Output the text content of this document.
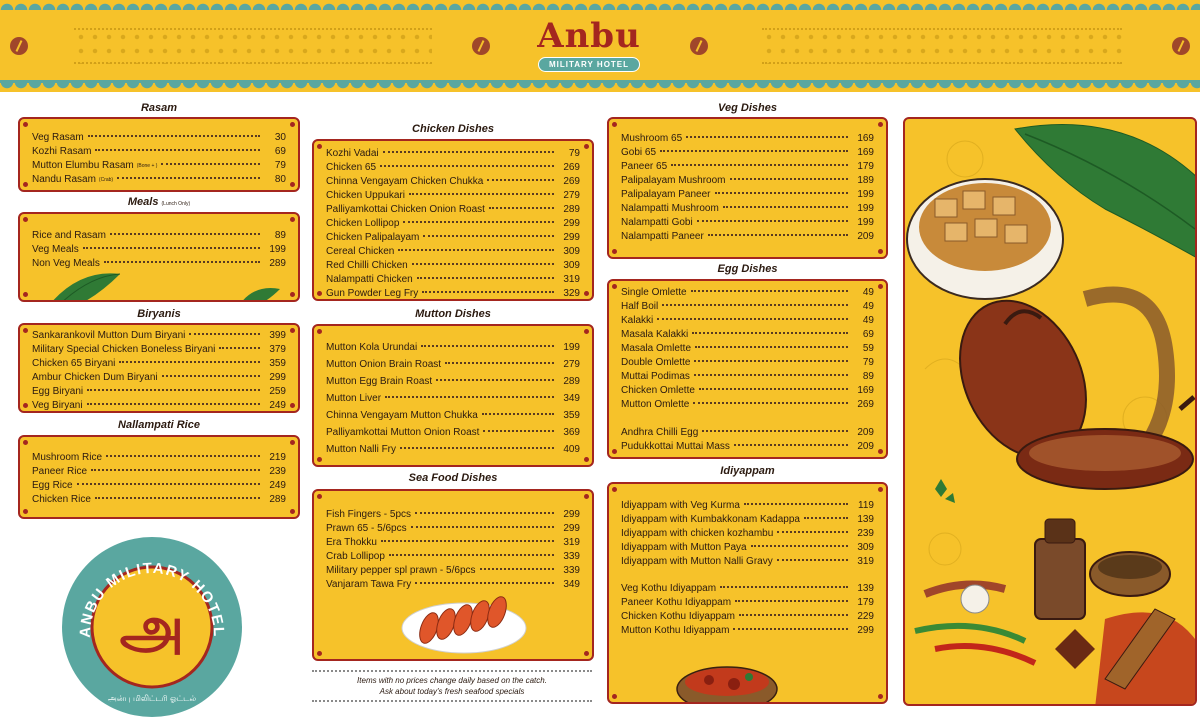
Anbu
MILITARY HOTEL
Rasam
Veg Rasam	30
Kozhi Rasam	69
Mutton Elumbu Rasam (Bone + )	79
Nandu Rasam (Crab)	80
Meals (Lunch Only)
Rice and Rasam	89
Veg Meals	199
Non Veg Meals	289
Biryanis
Sankarankovil Mutton Dum Biryani	399
Military Special Chicken Boneless Biryani	379
Chicken 65 Biryani	359
Ambur Chicken Dum Biryani	299
Egg Biryani	259
Veg Biryani	249
Nallampati Rice
Mushroom Rice	219
Paneer Rice	239
Egg Rice	249
Chicken Rice	289
ANBU MILITARY HOTEL
அ
அன்பு மிலிட்டரி ஓட்டல்
Chicken Dishes
Kozhi Vadai	79
Chicken 65	269
Chinna Vengayam Chicken Chukka	269
Chicken Uppukari	279
Palliyamkottai Chicken Onion Roast	289
Chicken Lollipop	299
Chicken Palipalayam	299
Cereal Chicken	309
Red Chilli Chicken	309
Nalampatti Chicken	319
Gun Powder Leg Fry	329
Mutton Dishes
Mutton Kola Urundai	199
Mutton Onion Brain Roast	279
Mutton Egg Brain Roast	289
Mutton Liver	349
Chinna Vengayam Mutton Chukka	359
Palliyamkottai Mutton Onion Roast	369
Mutton Nalli Fry	409
Sea Food Dishes
Fish Fingers - 5pcs	299
Prawn 65 - 5/6pcs	299
Era Thokku	319
Crab Lollipop	339
Military pepper spl prawn - 5/6pcs	339
Vanjaram Tawa Fry	349
Items with no prices change daily based on the catch.
Ask about today's fresh seafood specials
Veg Dishes
Mushroom 65	169
Gobi 65	169
Paneer 65	179
Palipalayam Mushroom	189
Palipalayam Paneer	199
Nalampatti Mushroom	199
Nalampatti Gobi	199
Nalampatti Paneer	209
Egg Dishes
Single Omlette	49
Half Boil	49
Kalakki	49
Masala Kalakki	69
Masala Omlette	59
Double Omlette	79
Muttai Podimas	89
Chicken Omlette	169
Mutton Omlette	269
Andhra Chilli Egg	209
Pudukkottai Muttai Mass	209
Idiyappam
Idiyappam with Veg Kurma	119
Idiyappam with Kumbakkonam Kadappa	139
Idiyappam with chicken kozhambu	239
Idiyappam with Mutton Paya	309
Idiyappam with Mutton Nalli Gravy	319
Veg Kothu Idiyappam	139
Paneer Kothu Idiyappam	179
Chicken Kothu Idiyappam	229
Mutton Kothu Idiyappam	299
